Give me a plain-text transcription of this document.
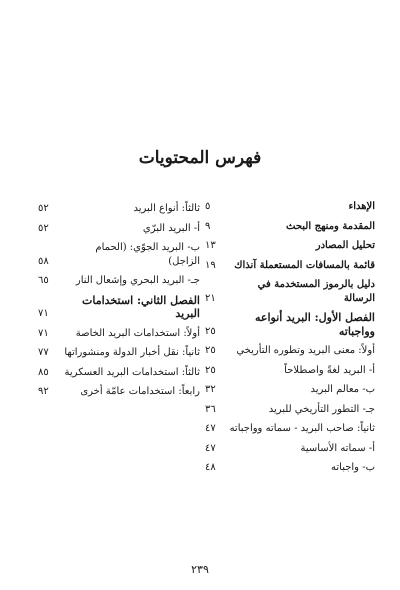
فهرس المحتويات
الإهداء
٥
المقدمة ومنهج البحث
٩
تحليل المصادر
١٣
قائمة بالمسافات المستعملة آنذاك
١٩
دليل بالرموز المستخدمة في الرسالة
٢١
الفصل الأول: البريد أنواعه وواجباته
٢٥
أولاً: معنى البريد وتطوره التأريخي
٢٥
أ- البريد لغةً واصطلاحاً
٢٥
ب- معالم البريد
٣٢
جـ- التطور التأريخي للبريد
٣٦
ثانياً: صاحب البريد - سماته وواجباته
٤٧
أ- سماته الأساسية
٤٧
ب- واجباته
٤٨
ثالثاً: أنواع البريد
٥٢
أ- البريد البرّي
٥٢
ب- البريد الجوّي: (الحمام الزاجل)
٥٨
جـ- البريد البحري وإشعال النار
٦٥
الفصل الثاني: استخدامات البريد
٧١
أولاً: استخدامات البريد الخاصة
٧١
ثانياً: نقل أخبار الدولة ومنشوراتها
٧٧
ثالثاً: استخدامات البريد العسكرية
٨٥
رابعاً: استخدامات عامّة أخرى
٩٢
٢٣٩
